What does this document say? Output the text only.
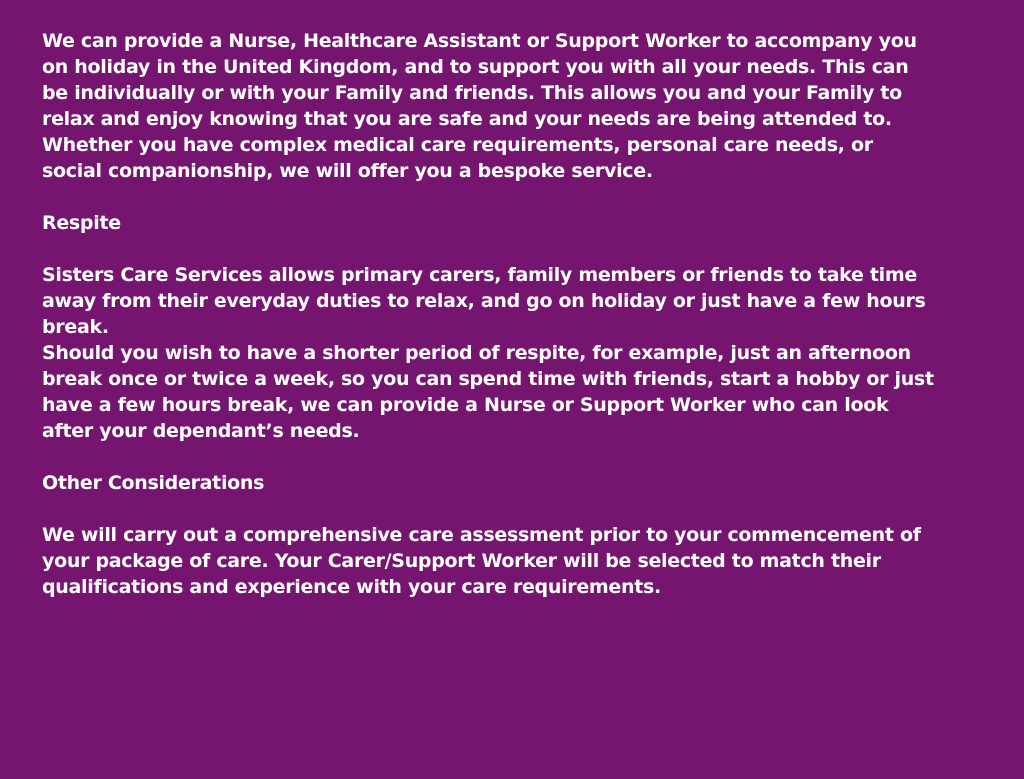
We can provide a Nurse, Healthcare Assistant or Support Worker to accompany you
on holiday in the United Kingdom, and to support you with all your needs. This can
be individually or with your Family and friends. This allows you and your Family to
relax and enjoy knowing that you are safe and your needs are being attended to.
Whether you have complex medical care requirements, personal care needs, or
social companionship, we will offer you a bespoke service.

Respite

Sisters Care Services allows primary carers, family members or friends to take time
away from their everyday duties to relax, and go on holiday or just have a few hours
break.

Should you wish to have a shorter period of respite, for example, just an afternoon
break once or twice a week, so you can spend time with friends, start a hobby or just
have a few hours break, we can provide a Nurse or Support Worker who can look
after your dependant’s needs.

Other Considerations

We will carry out a comprehensive care assessment prior to your commencement of
your package of care. Your Carer/Support Worker will be selected to match their
qualifications and experience with your care requirements.
